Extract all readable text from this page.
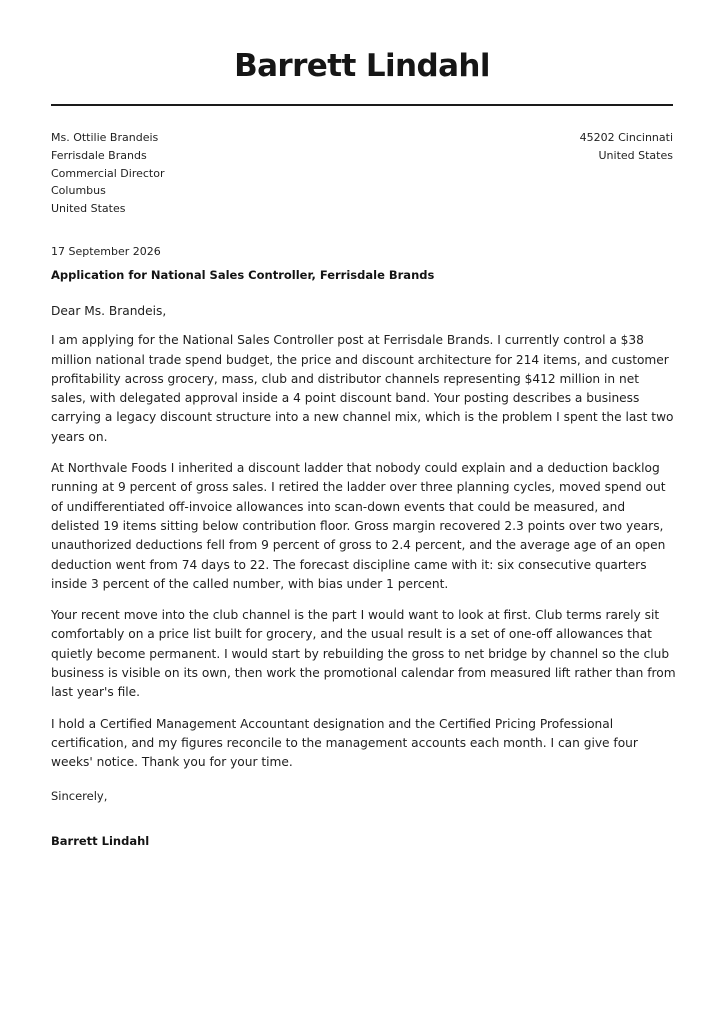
Barrett Lindahl
Ms. Ottilie Brandeis
Ferrisdale Brands
Commercial Director
Columbus
United States
45202 Cincinnati
United States
17 September 2026
Application for National Sales Controller, Ferrisdale Brands

Dear Ms. Brandeis,

I am applying for the National Sales Controller post at Ferrisdale Brands. I currently control a $38 million national trade spend budget, the price and discount architecture for 214 items, and customer profitability across grocery, mass, club and distributor channels representing $412 million in net sales, with delegated approval inside a 4 point discount band. Your posting describes a business carrying a legacy discount structure into a new channel mix, which is the problem I spent the last two years on.

At Northvale Foods I inherited a discount ladder that nobody could explain and a deduction backlog running at 9 percent of gross sales. I retired the ladder over three planning cycles, moved spend out of undifferentiated off-invoice allowances into scan-down events that could be measured, and delisted 19 items sitting below contribution floor. Gross margin recovered 2.3 points over two years, unauthorized deductions fell from 9 percent of gross to 2.4 percent, and the average age of an open deduction went from 74 days to 22. The forecast discipline came with it: six consecutive quarters inside 3 percent of the called number, with bias under 1 percent.

Your recent move into the club channel is the part I would want to look at first. Club terms rarely sit comfortably on a price list built for grocery, and the usual result is a set of one-off allowances that quietly become permanent. I would start by rebuilding the gross to net bridge by channel so the club business is visible on its own, then work the promotional calendar from measured lift rather than from last year's file.

I hold a Certified Management Accountant designation and the Certified Pricing Professional certification, and my figures reconcile to the management accounts each month. I can give four weeks' notice. Thank you for your time.

Sincerely,
Barrett Lindahl
